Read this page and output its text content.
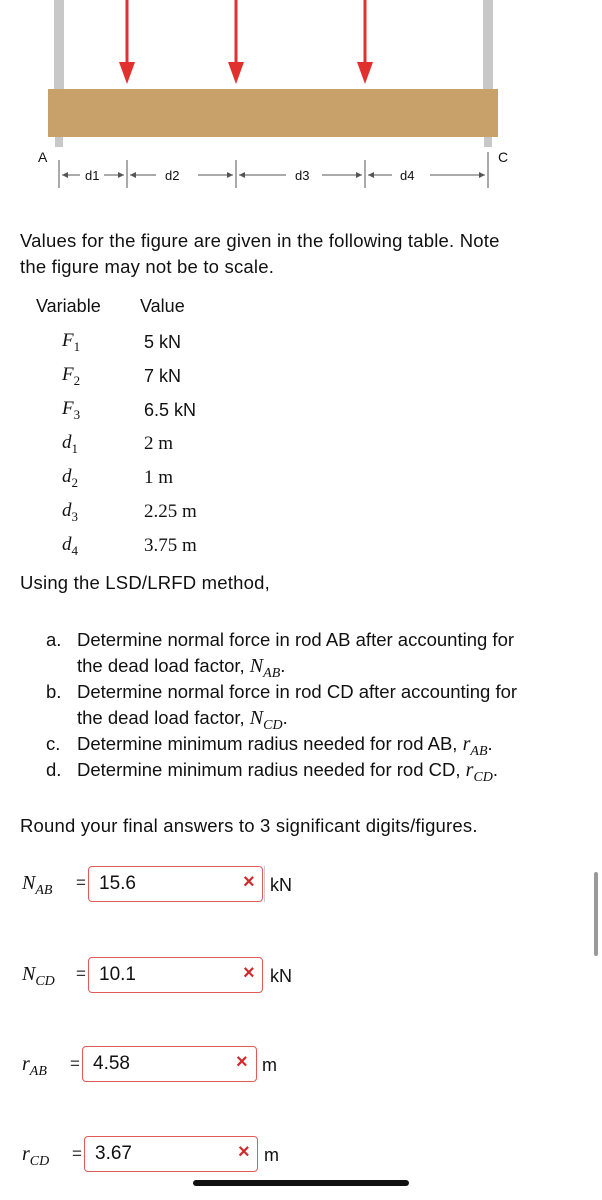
A	C
d1	d2	d3	d4
Values for the figure are given in the following table. Note
the figure may not be to scale.
Variable Value
$F_1$	5 kN
$F_2$	7 kN
$F_3$	6.5 kN
$d_1$	2 m
$d_2$	1 m
$d_3$	2.25 m
$d_4$	3.75 m
Using the LSD/LRFD method,
a. Determine normal force in rod AB after accounting for
the dead load factor, $N_{AB}$.
b. Determine normal force in rod CD after accounting for
the dead load factor, $N_{CD}$.
c. Determine minimum radius needed for rod AB, $r_{AB}$.
d. Determine minimum radius needed for rod CD, $r_{CD}$.
Round your final answers to 3 significant digits/figures.
$N_{AB} = 15.6$	× kN
$N_{CD} = 10.1$	× kN
$r_{AB} = 4.58$	× m
$r_{CD} = 3.67$	× m
